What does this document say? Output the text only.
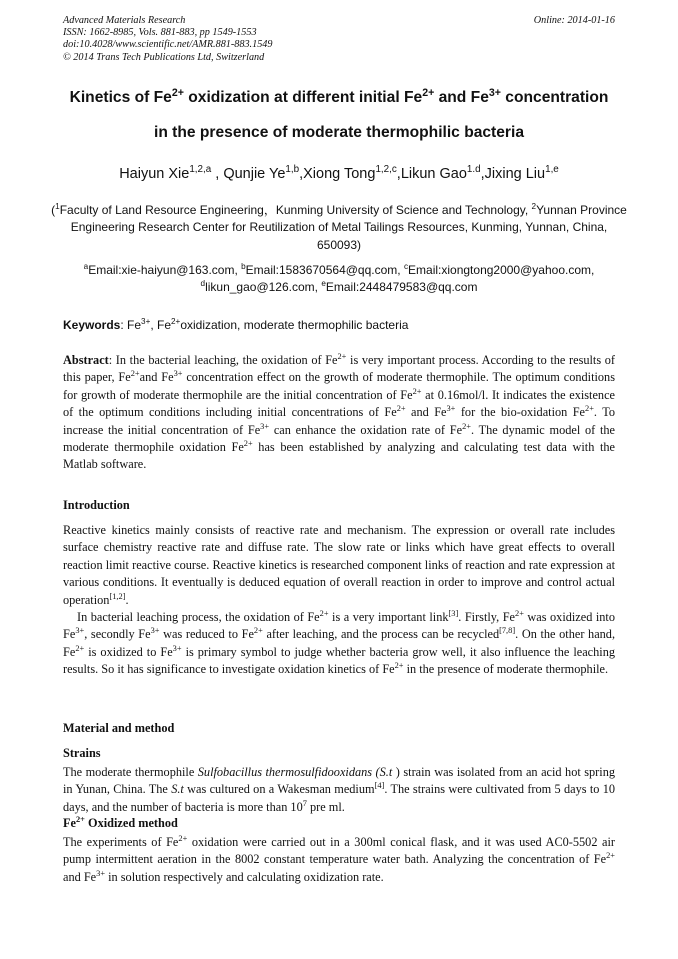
Advanced Materials Research
ISSN: 1662-8985, Vols. 881-883, pp 1549-1553
doi:10.4028/www.scientific.net/AMR.881-883.1549
© 2014 Trans Tech Publications Ltd, Switzerland
Online: 2014-01-16
Kinetics of $Fe^{2+}$ oxidization at different initial $Fe^{2+}$ and $Fe^{3+}$ concentration
in the presence of moderate thermophilic bacteria
Haiyun Xie$^{1,2,a}$ , Qunjie Ye$^{1,b}$,Xiong Tong$^{1,2,c}$,Likun Gao$^{1.d}$,Jixing Liu$^{1,e}$
($^1$Faculty of Land Resource Engineering，Kunming University of Science and Technology, $^2$Yunnan Province Engineering Research Center for Reutilization of Metal Tailings Resources, Kunming, Yunnan, China, 650093)
$^a$Email:xie-haiyun@163.com, $^b$Email:1583670564@qq.com, $^c$Email:xiongtong2000@yahoo.com,
$^d$likun_gao@126.com, $^e$Email:2448479583@qq.com
Keywords: $Fe^{3+}$, $Fe^{2+}oxidization$, moderate thermophilic bacteria
Abstract: In the bacterial leaching, the oxidation of $Fe^{2+}$ is very important process. According to the results of this paper, $Fe^{2+}and$ $Fe^{3+}$ concentration effect on the growth of moderate thermophile. The optimum conditions for growth of moderate thermophile are the initial concentration of $Fe^{2+}$ at 0.16mol/l. It indicates the existence of the optimum conditions including initial concentrations of $Fe^{2+}$ and $Fe^{3+}$ for the bio-oxidation $Fe^{2+}$. To increase the initial concentration of $Fe^{3+}$ can enhance the oxidation rate of $Fe^{2+}$. The dynamic model of the moderate thermophile oxidation $Fe^{2+}$ has been established by analyzing and calculating test data with the Matlab software.
Introduction
Reactive kinetics mainly consists of reactive rate and mechanism. The expression or overall rate includes surface chemistry reactive rate and diffuse rate. The slow rate or links which have great effects to overall reaction limit reactive course. Reactive kinetics is researched component links of reaction and rate expression at various conditions. It eventually is deduced equation of overall reaction in order to improve and control actual operation[1,2].
In bacterial leaching process, the oxidation of $Fe^{2+}$ is a very important link[3]. Firstly, $Fe^{2+}$ was oxidized into $Fe^{3+}$, secondly $Fe^{3+}$ was reduced to $Fe^{2+}$ after leaching, and the process can be recycled[7,8]. On the other hand, $Fe^{2+}$ is oxidized to $Fe^{3+}$ is primary symbol to judge whether bacteria grow well, it also influence the leaching results. So it has significance to investigate oxidation kinetics of $Fe^{2+}$ in the presence of moderate thermophile.
Material and method
Strains
The moderate thermophile Sulfobacillus thermosulfidooxidans (S.t ) strain was isolated from an acid hot spring in Yunan, China. The S.t was cultured on a Wakesman medium[4]. The strains were cultivated from 5 days to 10 days, and the number of bacteria is more than $10^7$ pre ml.
$Fe^{2+}$ Oxidized method
The experiments of $Fe^{2+}$ oxidation were carried out in a 300ml conical flask, and it was used AC0-5502 air pump intermittent aeration in the 8002 constant temperature water bath. Analyzing the concentration of $Fe^{2+}$ and $Fe^{3+}$ in solution respectively and calculating oxidization rate.
